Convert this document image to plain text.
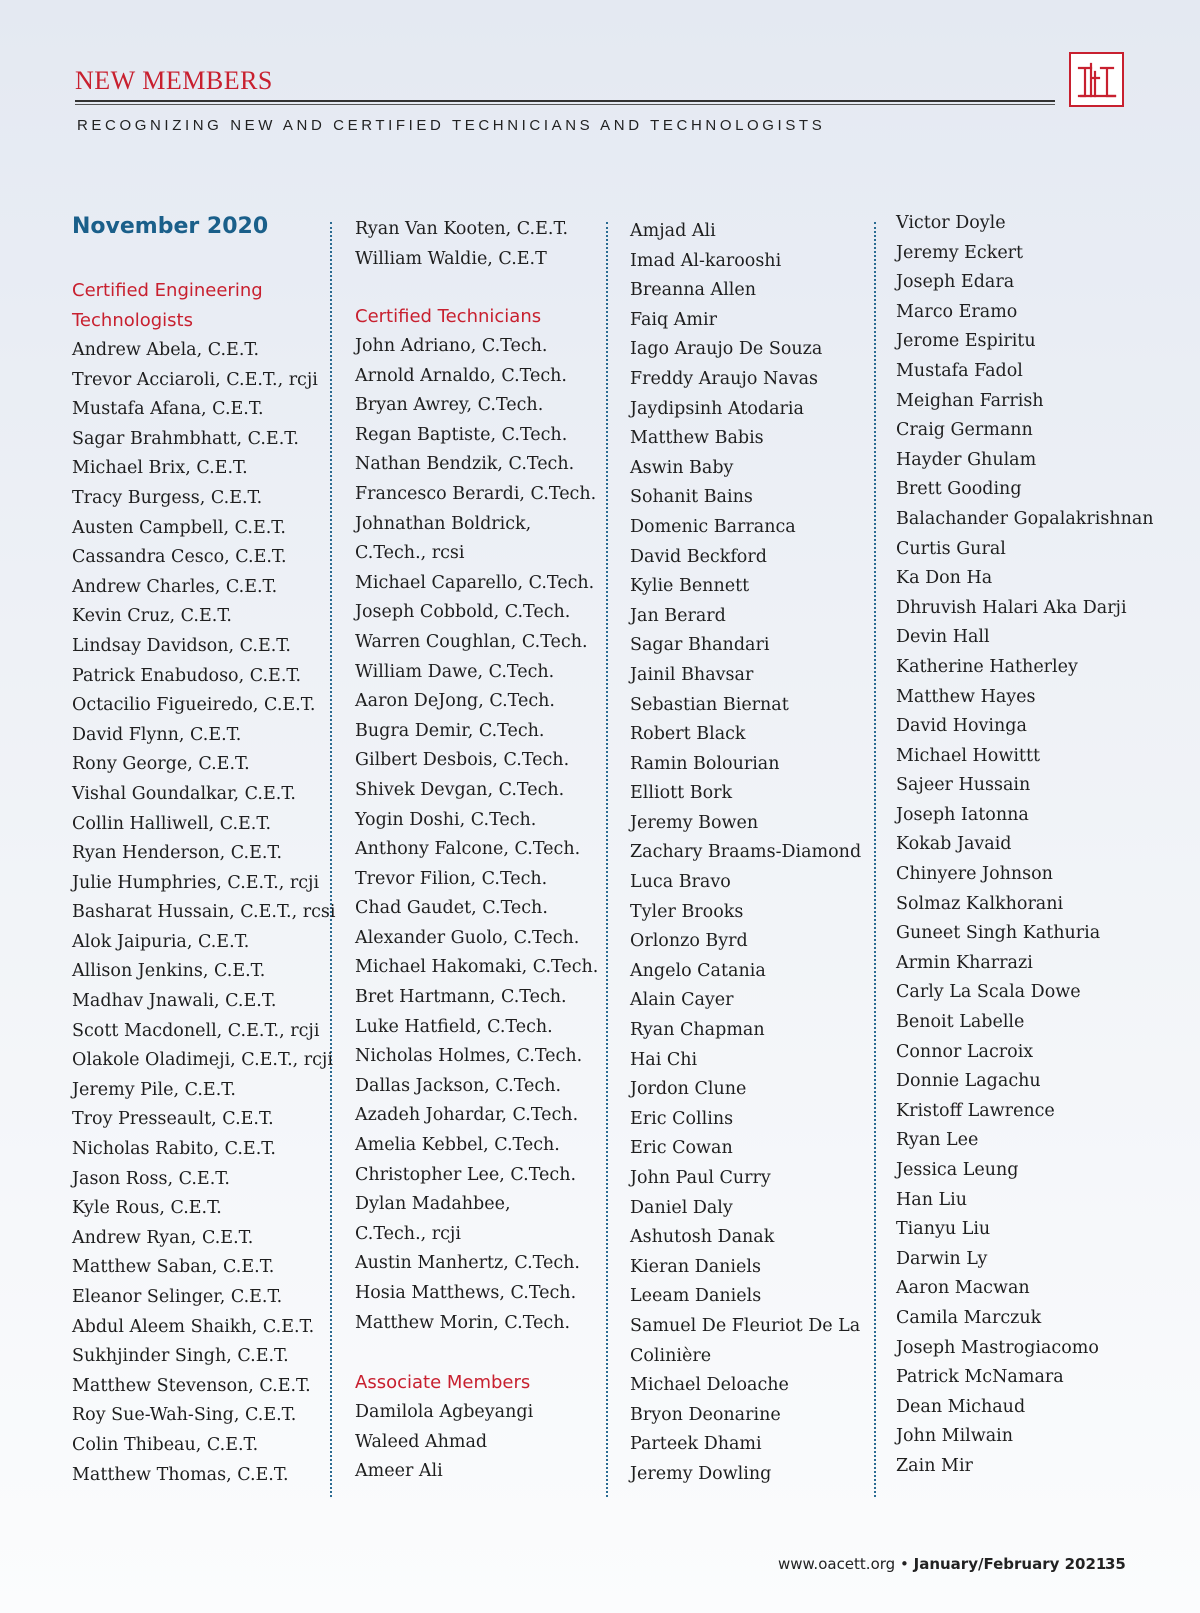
NEW MEMBERS
RECOGNIZING NEW AND CERTIFIED TECHNICIANS AND TECHNOLOGISTS
November 2020

Certified Engineering

Technologists

Andrew Abela, C.E.T.
Trevor Acciaroli, C.E.T., rcji
Mustafa Afana, C.E.T.
Sagar Brahmbhatt, C.E.T.
Michael Brix, C.E.T.
Tracy Burgess, C.E.T.
Austen Campbell, C.E.T.
Cassandra Cesco, C.E.T.
Andrew Charles, C.E.T.
Kevin Cruz, C.E.T.
Lindsay Davidson, C.E.T.
Patrick Enabudoso, C.E.T.
Octacilio Figueiredo, C.E.T.
David Flynn, C.E.T.
Rony George, C.E.T.
Vishal Goundalkar, C.E.T.
Collin Halliwell, C.E.T.
Ryan Henderson, C.E.T.
Julie Humphries, C.E.T., rcji
Basharat Hussain, C.E.T., rcsi
Alok Jaipuria, C.E.T.
Allison Jenkins, C.E.T.
Madhav Jnawali, C.E.T.
Scott Macdonell, C.E.T., rcji
Olakole Oladimeji, C.E.T., rcji
Jeremy Pile, C.E.T.
Troy Presseault, C.E.T.
Nicholas Rabito, C.E.T.
Jason Ross, C.E.T.
Kyle Rous, C.E.T.
Andrew Ryan, C.E.T.
Matthew Saban, C.E.T.
Eleanor Selinger, C.E.T.
Abdul Aleem Shaikh, C.E.T.
Sukhjinder Singh, C.E.T.
Matthew Stevenson, C.E.T.
Roy Sue-Wah-Sing, C.E.T.
Colin Thibeau, C.E.T.
Matthew Thomas, C.E.T.
Ryan Van Kooten, C.E.T.
William Waldie, C.E.T

Certified Technicians

John Adriano, C.Tech.
Arnold Arnaldo, C.Tech.
Bryan Awrey, C.Tech.
Regan Baptiste, C.Tech.
Nathan Bendzik, C.Tech.
Francesco Berardi, C.Tech.
Johnathan Boldrick,
C.Tech., rcsi
Michael Caparello, C.Tech.
Joseph Cobbold, C.Tech.
Warren Coughlan, C.Tech.
William Dawe, C.Tech.
Aaron DeJong, C.Tech.
Bugra Demir, C.Tech.
Gilbert Desbois, C.Tech.
Shivek Devgan, C.Tech.
Yogin Doshi, C.Tech.
Anthony Falcone, C.Tech.
Trevor Filion, C.Tech.
Chad Gaudet, C.Tech.
Alexander Guolo, C.Tech.
Michael Hakomaki, C.Tech.
Bret Hartmann, C.Tech.
Luke Hatfield, C.Tech.
Nicholas Holmes, C.Tech.
Dallas Jackson, C.Tech.
Azadeh Johardar, C.Tech.
Amelia Kebbel, C.Tech.
Christopher Lee, C.Tech.
Dylan Madahbee,
C.Tech., rcji
Austin Manhertz, C.Tech.
Hosia Matthews, C.Tech.
Matthew Morin, C.Tech.

Associate Members

Damilola Agbeyangi
Waleed Ahmad
Ameer Ali
Amjad Ali
Imad Al-karooshi
Breanna Allen
Faiq Amir
Iago Araujo De Souza
Freddy Araujo Navas
Jaydipsinh Atodaria
Matthew Babis
Aswin Baby
Sohanit Bains
Domenic Barranca
David Beckford
Kylie Bennett
Jan Berard
Sagar Bhandari
Jainil Bhavsar
Sebastian Biernat
Robert Black
Ramin Bolourian
Elliott Bork
Jeremy Bowen
Zachary Braams-Diamond
Luca Bravo
Tyler Brooks
Orlonzo Byrd
Angelo Catania
Alain Cayer
Ryan Chapman
Hai Chi
Jordon Clune
Eric Collins
Eric Cowan
John Paul Curry
Daniel Daly
Ashutosh Danak
Kieran Daniels
Leeam Daniels
Samuel De Fleuriot De La
Colinière
Michael Deloache
Bryon Deonarine
Parteek Dhami
Jeremy Dowling
Victor Doyle
Jeremy Eckert
Joseph Edara
Marco Eramo
Jerome Espiritu
Mustafa Fadol
Meighan Farrish
Craig Germann
Hayder Ghulam
Brett Gooding
Balachander Gopalakrishnan
Curtis Gural
Ka Don Ha
Dhruvish Halari Aka Darji
Devin Hall
Katherine Hatherley
Matthew Hayes
David Hovinga
Michael Howittt
Sajeer Hussain
Joseph Iatonna
Kokab Javaid
Chinyere Johnson
Solmaz Kalkhorani
Guneet Singh Kathuria
Armin Kharrazi
Carly La Scala Dowe
Benoit Labelle
Connor Lacroix
Donnie Lagachu
Kristoff Lawrence
Ryan Lee
Jessica Leung
Han Liu
Tianyu Liu
Darwin Ly
Aaron Macwan
Camila Marczuk
Joseph Mastrogiacomo
Patrick McNamara
Dean Michaud
John Milwain
Zain Mir
www.oacett.org • January/February 2021
35
